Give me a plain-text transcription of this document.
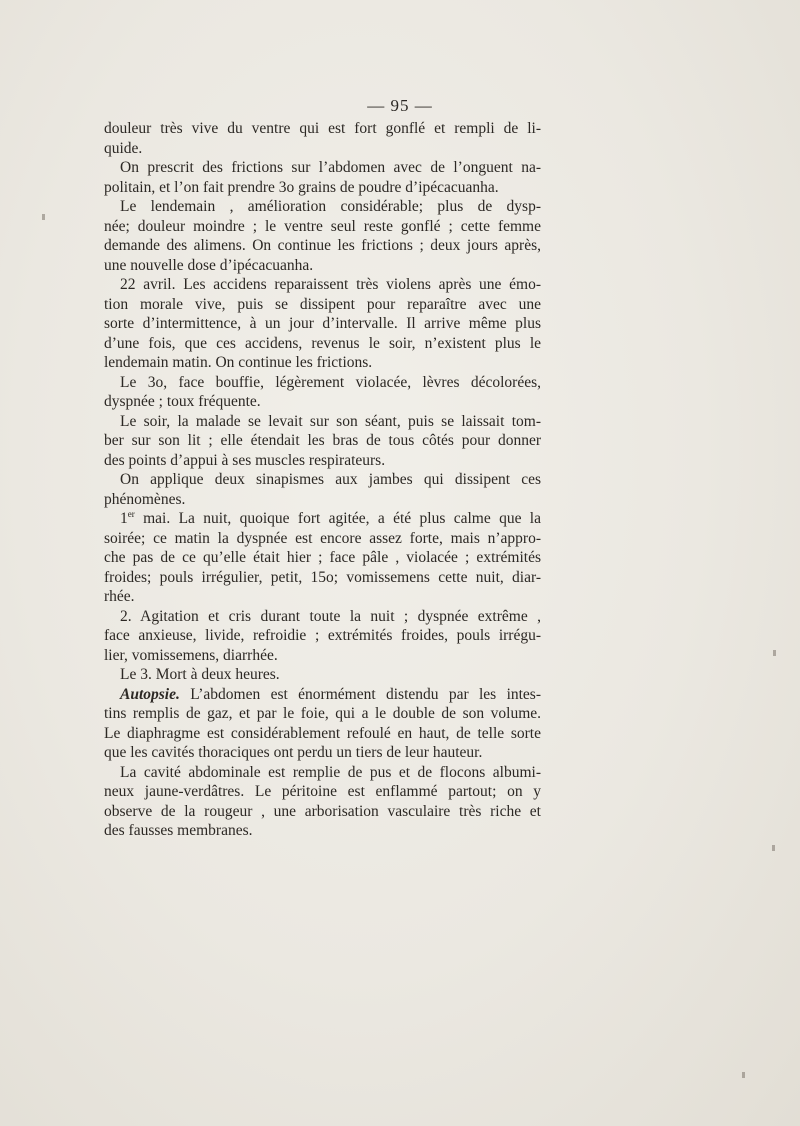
— 95 —
douleur très vive du ventre qui est fort gonflé et rempli de li-
quide.
On prescrit des frictions sur l’abdomen avec de l’onguent na-
politain, et l’on fait prendre 3o grains de poudre d’ipécacuanha.
Le lendemain , amélioration considérable; plus de dysp-
née; douleur moindre ; le ventre seul reste gonflé ; cette femme
demande des alimens. On continue les frictions ; deux jours après,
une nouvelle dose d’ipécacuanha.
22 avril. Les accidens reparaissent très violens après une émo-
tion morale vive, puis se dissipent pour reparaître avec une
sorte d’intermittence, à un jour d’intervalle. Il arrive même plus
d’une fois, que ces accidens, revenus le soir, n’existent plus le
lendemain matin. On continue les frictions.
Le 3o, face bouffie, légèrement violacée, lèvres décolorées,
dyspnée ; toux fréquente.
Le soir, la malade se levait sur son séant, puis se laissait tom-
ber sur son lit ; elle étendait les bras de tous côtés pour donner
des points d’appui à ses muscles respirateurs.
On applique deux sinapismes aux jambes qui dissipent ces
phénomènes.
1er mai. La nuit, quoique fort agitée, a été plus calme que la
soirée; ce matin la dyspnée est encore assez forte, mais n’appro-
che pas de ce qu’elle était hier ; face pâle , violacée ; extrémités
froides; pouls irrégulier, petit, 15o; vomissemens cette nuit, diar-
rhée.
2. Agitation et cris durant toute la nuit ; dyspnée extrême ,
face anxieuse, livide, refroidie ; extrémités froides, pouls irrégu-
lier, vomissemens, diarrhée.
Le 3. Mort à deux heures.
Autopsie. L’abdomen est énormément distendu par les intes-
tins remplis de gaz, et par le foie, qui a le double de son volume.
Le diaphragme est considérablement refoulé en haut, de telle sorte
que les cavités thoraciques ont perdu un tiers de leur hauteur.
La cavité abdominale est remplie de pus et de flocons albumi-
neux jaune-verdâtres. Le péritoine est enflammé partout; on y
observe de la rougeur , une arborisation vasculaire très riche et
des fausses membranes.
